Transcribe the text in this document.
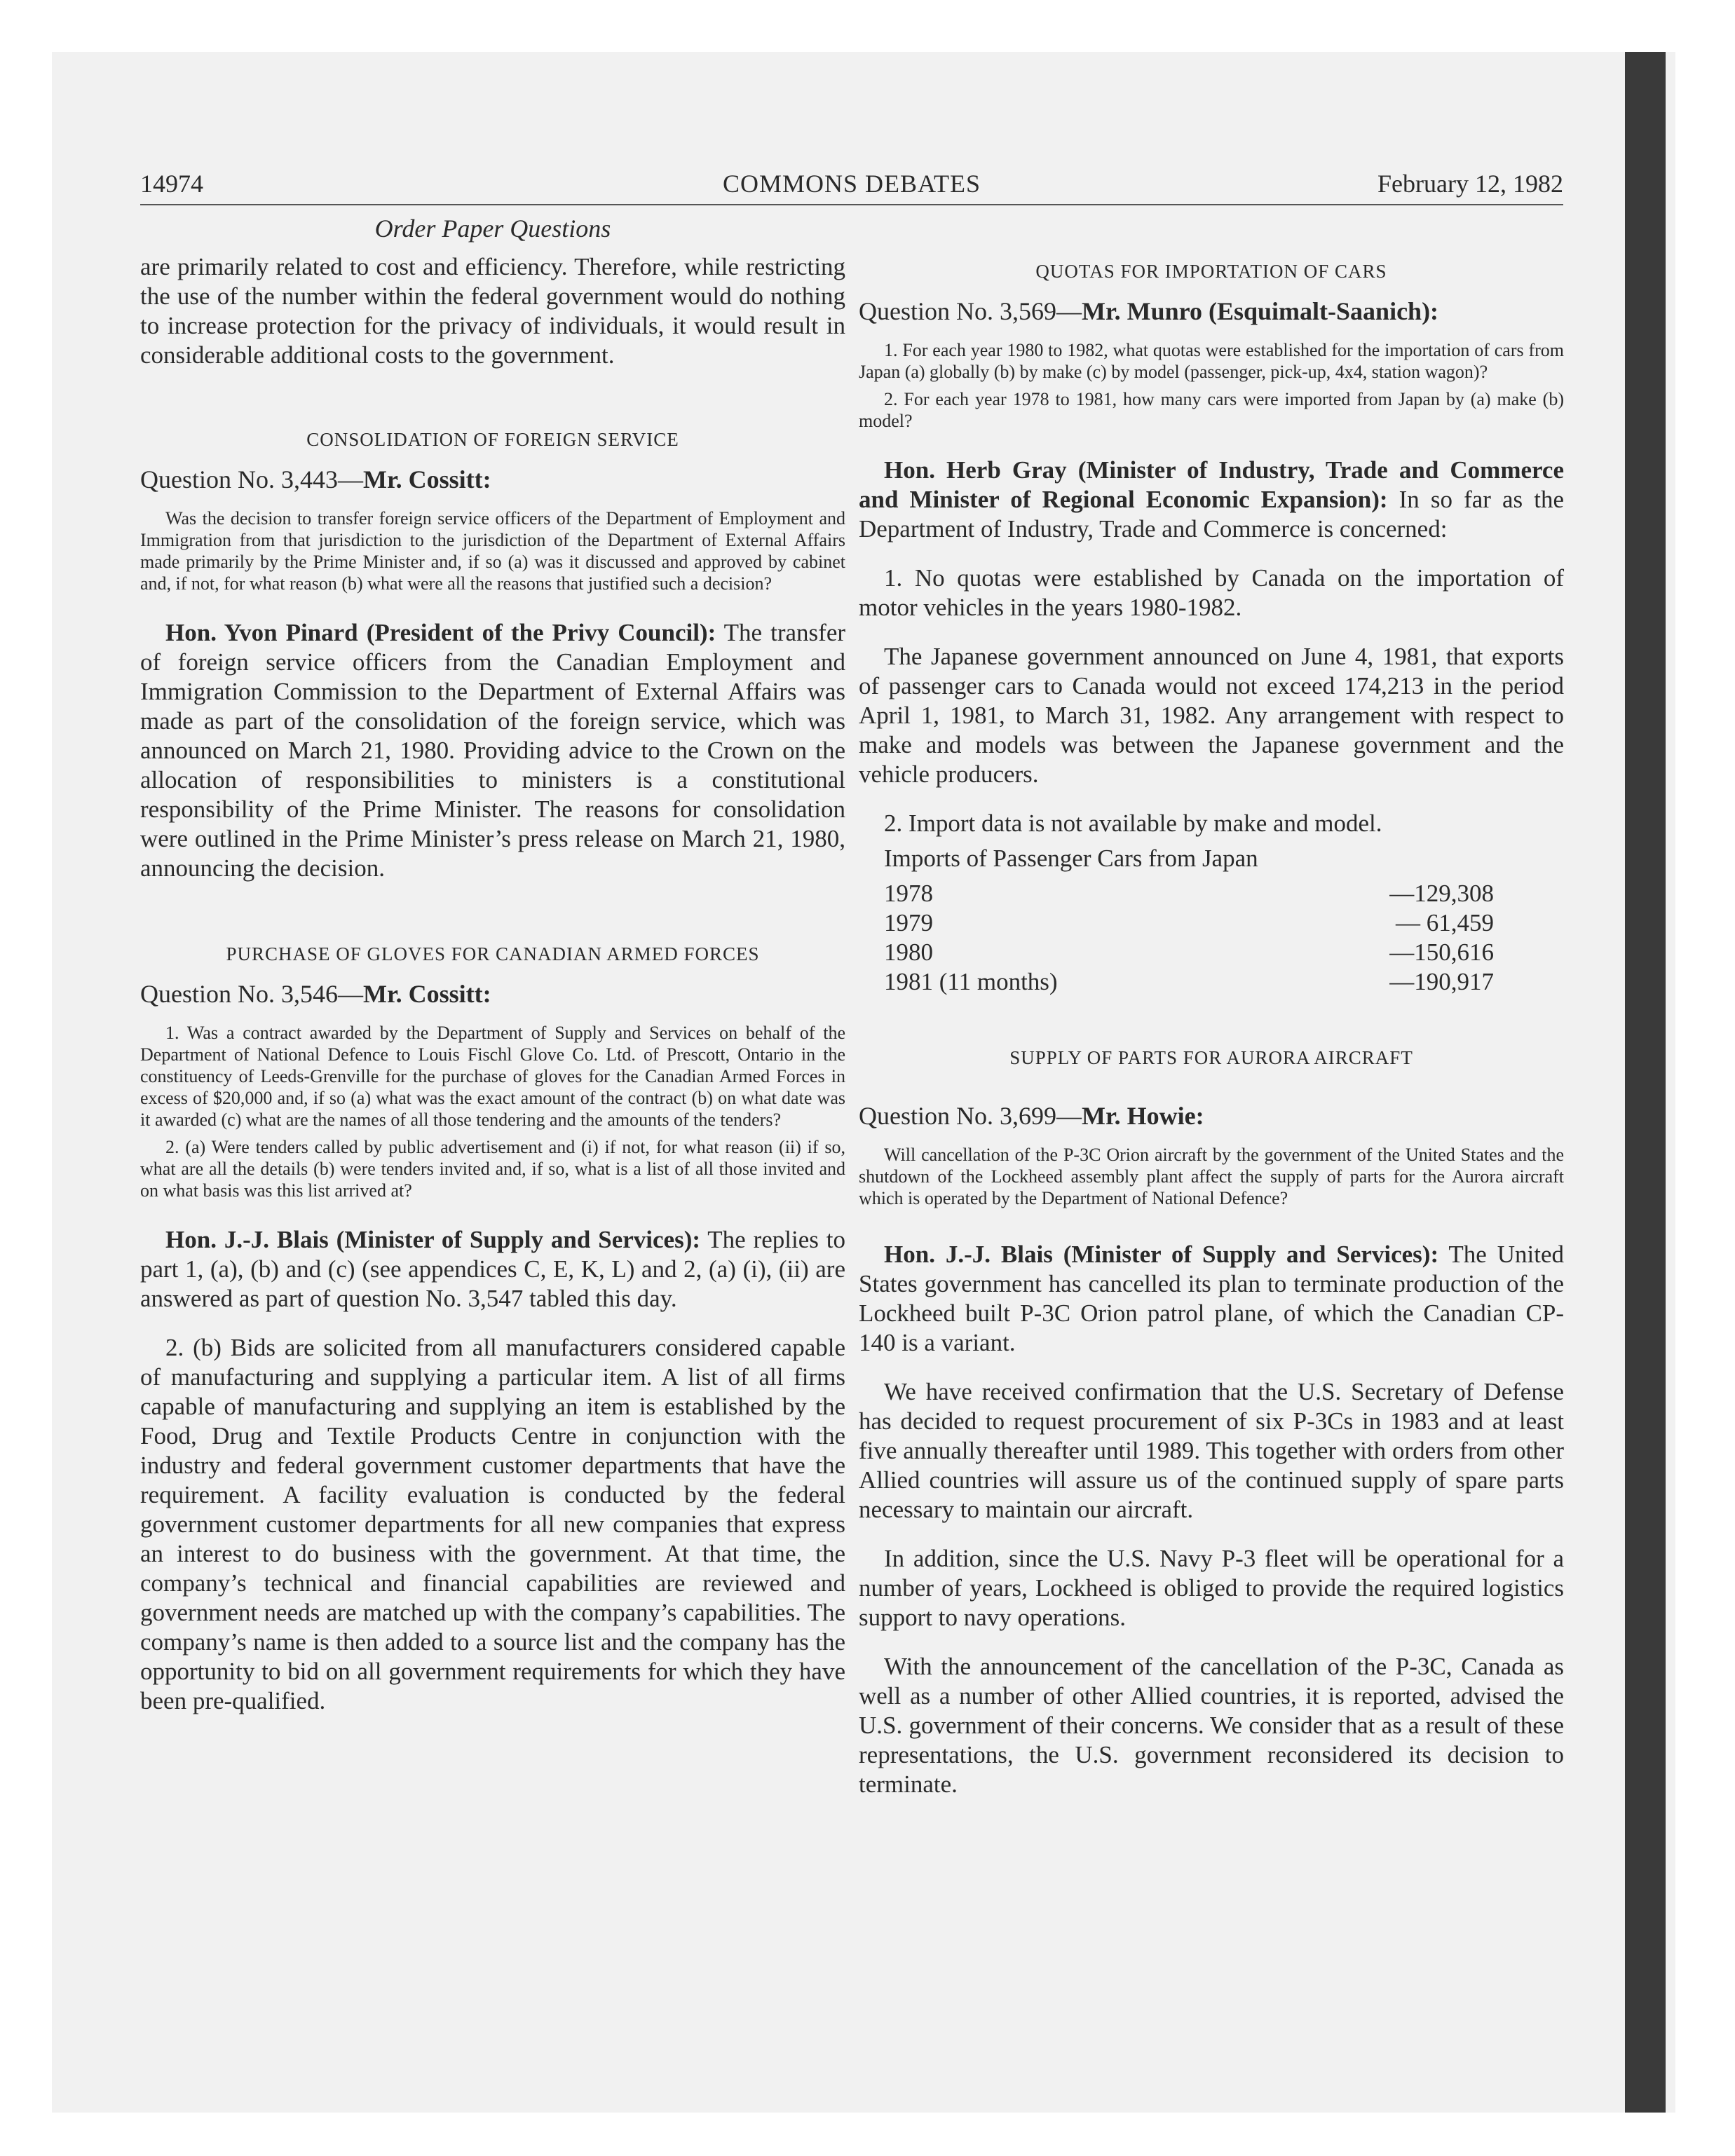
14974	COMMONS DEBATES	February 12, 1982
Order Paper Questions

are primarily related to cost and efficiency. Therefore, while restricting the use of the number within the federal government would do nothing to increase protection for the privacy of individuals, it would result in considerable additional costs to the government.

CONSOLIDATION OF FOREIGN SERVICE

Question No. 3,443—Mr. Cossitt:

Was the decision to transfer foreign service officers of the Department of Employment and Immigration from that jurisdiction to the jurisdiction of the Department of External Affairs made primarily by the Prime Minister and, if so (a) was it discussed and approved by cabinet and, if not, for what reason (b) what were all the reasons that justified such a decision?

Hon. Yvon Pinard (President of the Privy Council): The transfer of foreign service officers from the Canadian Employment and Immigration Commission to the Department of External Affairs was made as part of the consolidation of the foreign service, which was announced on March 21, 1980. Providing advice to the Crown on the allocation of responsibilities to ministers is a constitutional responsibility of the Prime Minister. The reasons for consolidation were outlined in the Prime Minister’s press release on March 21, 1980, announcing the decision.

PURCHASE OF GLOVES FOR CANADIAN ARMED FORCES

Question No. 3,546—Mr. Cossitt:

1. Was a contract awarded by the Department of Supply and Services on behalf of the Department of National Defence to Louis Fischl Glove Co. Ltd. of Prescott, Ontario in the constituency of Leeds-Grenville for the purchase of gloves for the Canadian Armed Forces in excess of $20,000 and, if so (a) what was the exact amount of the contract (b) on what date was it awarded (c) what are the names of all those tendering and the amounts of the tenders?

2. (a) Were tenders called by public advertisement and (i) if not, for what reason (ii) if so, what are all the details (b) were tenders invited and, if so, what is a list of all those invited and on what basis was this list arrived at?

Hon. J.-J. Blais (Minister of Supply and Services): The replies to part 1, (a), (b) and (c) (see appendices C, E, K, L) and 2, (a) (i), (ii) are answered as part of question No. 3,547 tabled this day.

2. (b) Bids are solicited from all manufacturers considered capable of manufacturing and supplying a particular item. A list of all firms capable of manufacturing and supplying an item is established by the Food, Drug and Textile Products Centre in conjunction with the industry and federal government customer departments that have the requirement. A facility evaluation is conducted by the federal government customer departments for all new companies that express an interest to do business with the government. At that time, the company’s technical and financial capabilities are reviewed and government needs are matched up with the company’s capabilities. The company’s name is then added to a source list and the company has the opportunity to bid on all government requirements for which they have been pre-qualified.

QUOTAS FOR IMPORTATION OF CARS

Question No. 3,569—Mr. Munro (Esquimalt-Saanich):

1. For each year 1980 to 1982, what quotas were established for the importation of cars from Japan (a) globally (b) by make (c) by model (passenger, pick-up, 4x4, station wagon)?

2. For each year 1978 to 1981, how many cars were imported from Japan by (a) make (b) model?

Hon. Herb Gray (Minister of Industry, Trade and Commerce and Minister of Regional Economic Expansion): In so far as the Department of Industry, Trade and Commerce is concerned:

1. No quotas were established by Canada on the importation of motor vehicles in the years 1980-1982.

The Japanese government announced on June 4, 1981, that exports of passenger cars to Canada would not exceed 174,213 in the period April 1, 1981, to March 31, 1982. Any arrangement with respect to make and models was between the Japanese government and the vehicle producers.

2. Import data is not available by make and model.

Imports of Passenger Cars from Japan

1978	—129,308
1979	— 61,459
1980	—150,616
1981 (11 months)	—190,917

SUPPLY OF PARTS FOR AURORA AIRCRAFT

Question No. 3,699—Mr. Howie:

Will cancellation of the P-3C Orion aircraft by the government of the United States and the shutdown of the Lockheed assembly plant affect the supply of parts for the Aurora aircraft which is operated by the Department of National Defence?

Hon. J.-J. Blais (Minister of Supply and Services): The United States government has cancelled its plan to terminate production of the Lockheed built P-3C Orion patrol plane, of which the Canadian CP-140 is a variant.

We have received confirmation that the U.S. Secretary of Defense has decided to request procurement of six P-3Cs in 1983 and at least five annually thereafter until 1989. This together with orders from other Allied countries will assure us of the continued supply of spare parts necessary to maintain our aircraft.

In addition, since the U.S. Navy P-3 fleet will be operational for a number of years, Lockheed is obliged to provide the required logistics support to navy operations.

With the announcement of the cancellation of the P-3C, Canada as well as a number of other Allied countries, it is reported, advised the U.S. government of their concerns. We consider that as a result of these representations, the U.S. government reconsidered its decision to terminate.
